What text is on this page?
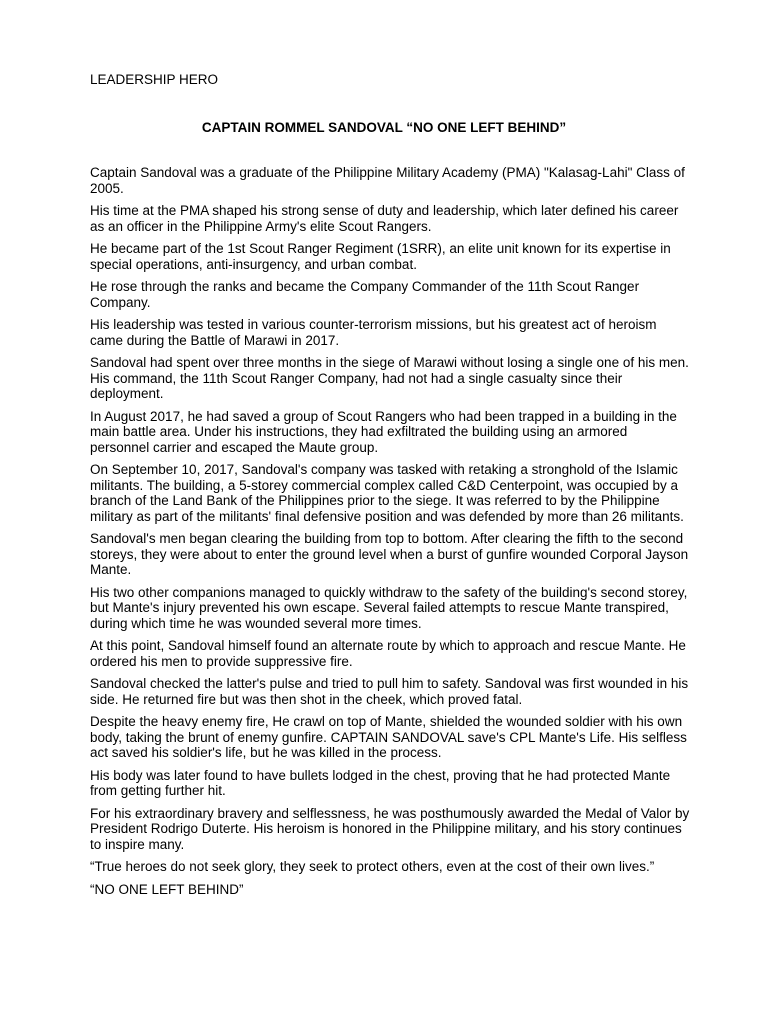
LEADERSHIP HERO

CAPTAIN ROMMEL SANDOVAL “NO ONE LEFT BEHIND”

Captain Sandoval was a graduate of the Philippine Military Academy (PMA) "Kalasag-Lahi" Class of 2005.

His time at the PMA shaped his strong sense of duty and leadership, which later defined his career as an officer in the Philippine Army's elite Scout Rangers.

He became part of the 1st Scout Ranger Regiment (1SRR), an elite unit known for its expertise in special operations, anti-insurgency, and urban combat.

He rose through the ranks and became the Company Commander of the 11th Scout Ranger Company.

His leadership was tested in various counter-terrorism missions, but his greatest act of heroism came during the Battle of Marawi in 2017.

Sandoval had spent over three months in the siege of Marawi without losing a single one of his men. His command, the 11th Scout Ranger Company, had not had a single casualty since their deployment.

In August 2017, he had saved a group of Scout Rangers who had been trapped in a building in the main battle area. Under his instructions, they had exfiltrated the building using an armored personnel carrier and escaped the Maute group.

On September 10, 2017, Sandoval's company was tasked with retaking a stronghold of the Islamic militants. The building, a 5-storey commercial complex called C&D Centerpoint, was occupied by a branch of the Land Bank of the Philippines prior to the siege. It was referred to by the Philippine military as part of the militants' final defensive position and was defended by more than 26 militants.

Sandoval's men began clearing the building from top to bottom. After clearing the fifth to the second storeys, they were about to enter the ground level when a burst of gunfire wounded Corporal Jayson Mante.

His two other companions managed to quickly withdraw to the safety of the building's second storey, but Mante's injury prevented his own escape. Several failed attempts to rescue Mante transpired, during which time he was wounded several more times.

At this point, Sandoval himself found an alternate route by which to approach and rescue Mante. He ordered his men to provide suppressive fire.

Sandoval checked the latter's pulse and tried to pull him to safety. Sandoval was first wounded in his side. He returned fire but was then shot in the cheek, which proved fatal.

Despite the heavy enemy fire, He crawl on top of Mante, shielded the wounded soldier with his own body, taking the brunt of enemy gunfire. CAPTAIN SANDOVAL save's CPL Mante's Life. His selfless act saved his soldier's life, but he was killed in the process.

His body was later found to have bullets lodged in the chest, proving that he had protected Mante from getting further hit.

For his extraordinary bravery and selflessness, he was posthumously awarded the Medal of Valor by President Rodrigo Duterte. His heroism is honored in the Philippine military, and his story continues to inspire many.

“True heroes do not seek glory, they seek to protect others, even at the cost of their own lives.”

“NO ONE LEFT BEHIND”
